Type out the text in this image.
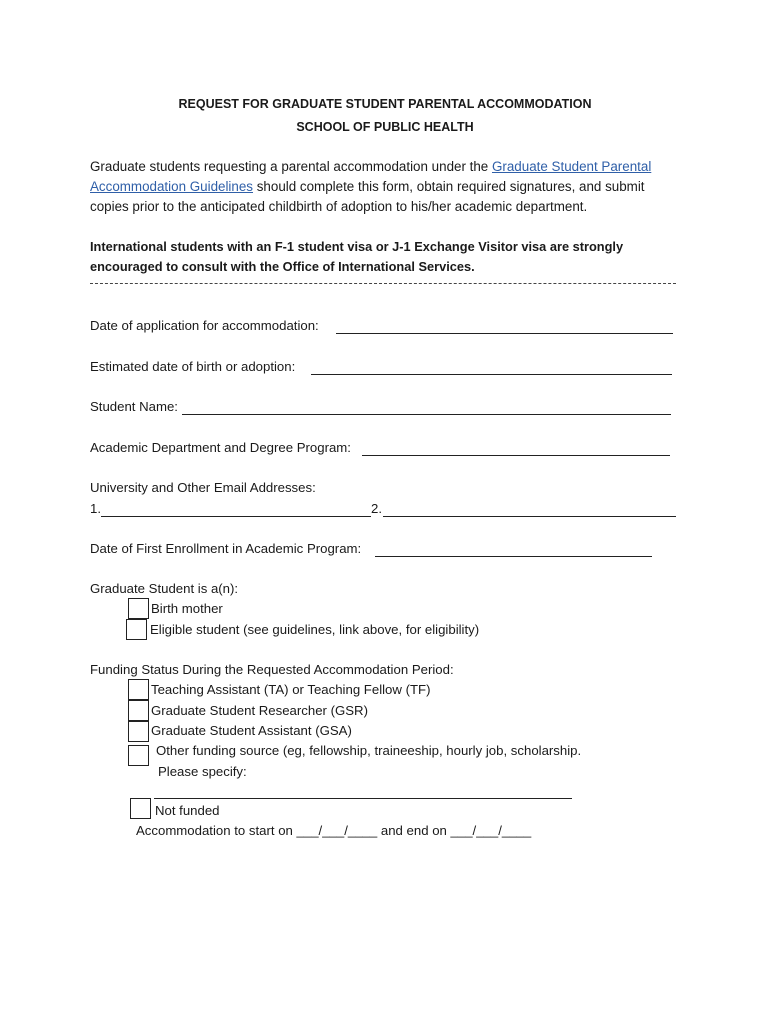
REQUEST FOR GRADUATE STUDENT PARENTAL ACCOMMODATION
SCHOOL OF PUBLIC HEALTH
Graduate students requesting a parental accommodation under the Graduate Student Parental Accommodation Guidelines should complete this form, obtain required signatures, and submit copies prior to the anticipated childbirth of adoption to his/her academic department.
International students with an F-1 student visa or J-1 Exchange Visitor visa are strongly encouraged to consult with the Office of International Services.
Date of application for accommodation:
Estimated date of birth or adoption:
Student Name:
Academic Department and Degree Program:
University and Other Email Addresses:
1.	2.
Date of First Enrollment in Academic Program:
Graduate Student is a(n):
Birth mother
Eligible student (see guidelines, link above, for eligibility)
Funding Status During the Requested Accommodation Period:
Teaching Assistant (TA) or Teaching Fellow (TF)
Graduate Student Researcher (GSR)
Graduate Student Assistant (GSA)
Other funding source (eg, fellowship, traineeship, hourly job, scholarship.
Please specify:
Not funded
Accommodation to start on ___/___/____ and end on ___/___/____
